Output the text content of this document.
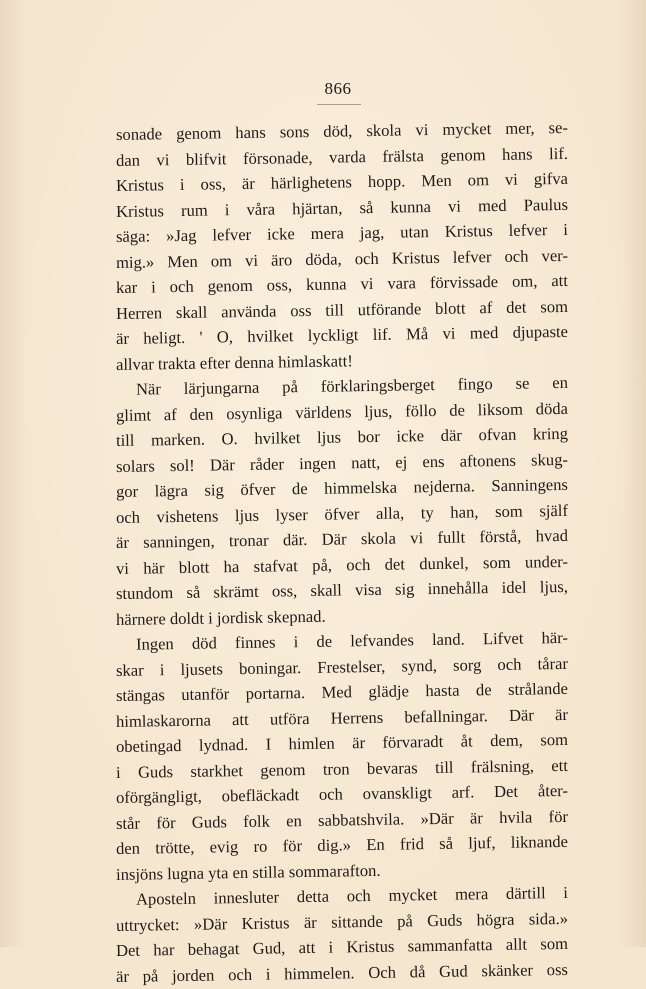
866
sonade genom hans sons död, skola vi mycket mer, se-
dan vi blifvit försonade, varda frälsta genom hans lif.
Kristus i oss, är härlighetens hopp. Men om vi gifva
Kristus rum i våra hjärtan, så kunna vi med Paulus
säga: »Jag lefver icke mera jag, utan Kristus lefver i
mig.» Men om vi äro döda, och Kristus lefver och ver-
kar i och genom oss, kunna vi vara förvissade om, att
Herren skall använda oss till utförande blott af det som
är heligt. ' O, hvilket lyckligt lif. Må vi med djupaste
allvar trakta efter denna himlaskatt!
När lärjungarna på förklaringsberget fingo se en
glimt af den osynliga världens ljus, föllo de liksom döda
till marken. O. hvilket ljus bor icke där ofvan kring
solars sol! Där råder ingen natt, ej ens aftonens skug-
gor lägra sig öfver de himmelska nejderna. Sanningens
och vishetens ljus lyser öfver alla, ty han, som själf
är sanningen, tronar där. Där skola vi fullt förstå, hvad
vi här blott ha stafvat på, och det dunkel, som under-
stundom så skrämt oss, skall visa sig innehålla idel ljus,
härnere doldt i jordisk skepnad.
Ingen död finnes i de lefvandes land. Lifvet här-
skar i ljusets boningar. Frestelser, synd, sorg och tårar
stängas utanför portarna. Med glädje hasta de strålande
himlaskarorna att utföra Herrens befallningar. Där är
obetingad lydnad. I himlen är förvaradt åt dem, som
i Guds starkhet genom tron bevaras till frälsning, ett
oförgängligt, obefläckadt och ovanskligt arf. Det åter-
står för Guds folk en sabbatshvila. »Där är hvila för
den trötte, evig ro för dig.» En frid så ljuf, liknande
insjöns lugna yta en stilla sommarafton.
Aposteln innesluter detta och mycket mera därtill i
uttrycket: »Där Kristus är sittande på Guds högra sida.»
Det har behagat Gud, att i Kristus sammanfatta allt som
är på jorden och i himmelen. Och då Gud skänker oss
